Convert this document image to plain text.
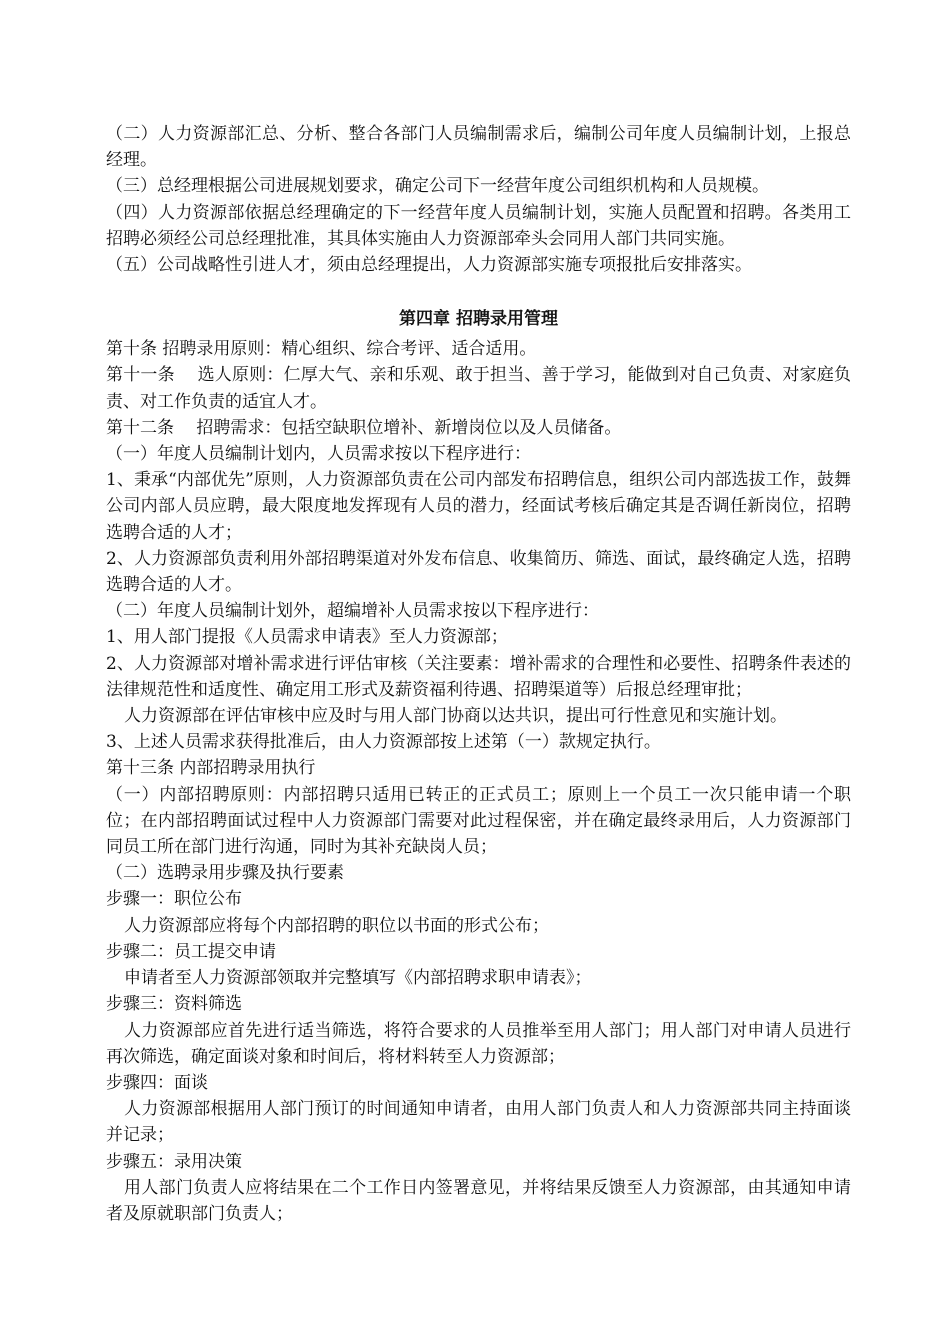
（二）人力资源部汇总、分析、整合各部门人员编制需求后，编制公司年度人员编制计划，上报总经理。

（三）总经理根据公司进展规划要求，确定公司下一经营年度公司组织机构和人员规模。

（四）人力资源部依据总经理确定的下一经营年度人员编制计划，实施人员配置和招聘。各类用工招聘必须经公司总经理批准，其具体实施由人力资源部牵头会同用人部门共同实施。

（五）公司战略性引进人才，须由总经理提出，人力资源部实施专项报批后安排落实。

第四章 招聘录用管理

第十条 招聘录用原则：精心组织、综合考评、适合适用。

第十一条　 选人原则：仁厚大气、亲和乐观、敢于担当、善于学习，能做到对自己负责、对家庭负责、对工作负责的适宜人才。

第十二条　 招聘需求：包括空缺职位增补、新增岗位以及人员储备。

（一）年度人员编制计划内，人员需求按以下程序进行：

1、秉承“内部优先”原则，人力资源部负责在公司内部发布招聘信息，组织公司内部选拔工作，鼓舞公司内部人员应聘，最大限度地发挥现有人员的潜力，经面试考核后确定其是否调任新岗位，招聘选聘合适的人才；

2、人力资源部负责利用外部招聘渠道对外发布信息、收集简历、筛选、面试，最终确定人选，招聘选聘合适的人才。

（二）年度人员编制计划外，超编增补人员需求按以下程序进行：

1、用人部门提报《人员需求申请表》至人力资源部；

2、人力资源部对增补需求进行评估审核（关注要素：增补需求的合理性和必要性、招聘条件表述的法律规范性和适度性、确定用工形式及薪资福利待遇、招聘渠道等）后报总经理审批；

人力资源部在评估审核中应及时与用人部门协商以达共识，提出可行性意见和实施计划。

3、上述人员需求获得批准后，由人力资源部按上述第（一）款规定执行。

第十三条 内部招聘录用执行

（一）内部招聘原则：内部招聘只适用已转正的正式员工；原则上一个员工一次只能申请一个职位；在内部招聘面试过程中人力资源部门需要对此过程保密，并在确定最终录用后，人力资源部门同员工所在部门进行沟通，同时为其补充缺岗人员；

（二）选聘录用步骤及执行要素

步骤一：职位公布

人力资源部应将每个内部招聘的职位以书面的形式公布；

步骤二：员工提交申请

申请者至人力资源部领取并完整填写《内部招聘求职申请表》；

步骤三：资料筛选

人力资源部应首先进行适当筛选，将符合要求的人员推举至用人部门；用人部门对申请人员进行再次筛选，确定面谈对象和时间后，将材料转至人力资源部；

步骤四：面谈

人力资源部根据用人部门预订的时间通知申请者，由用人部门负责人和人力资源部共同主持面谈并记录；

步骤五：录用决策

用人部门负责人应将结果在二个工作日内签署意见，并将结果反馈至人力资源部，由其通知申请者及原就职部门负责人；
